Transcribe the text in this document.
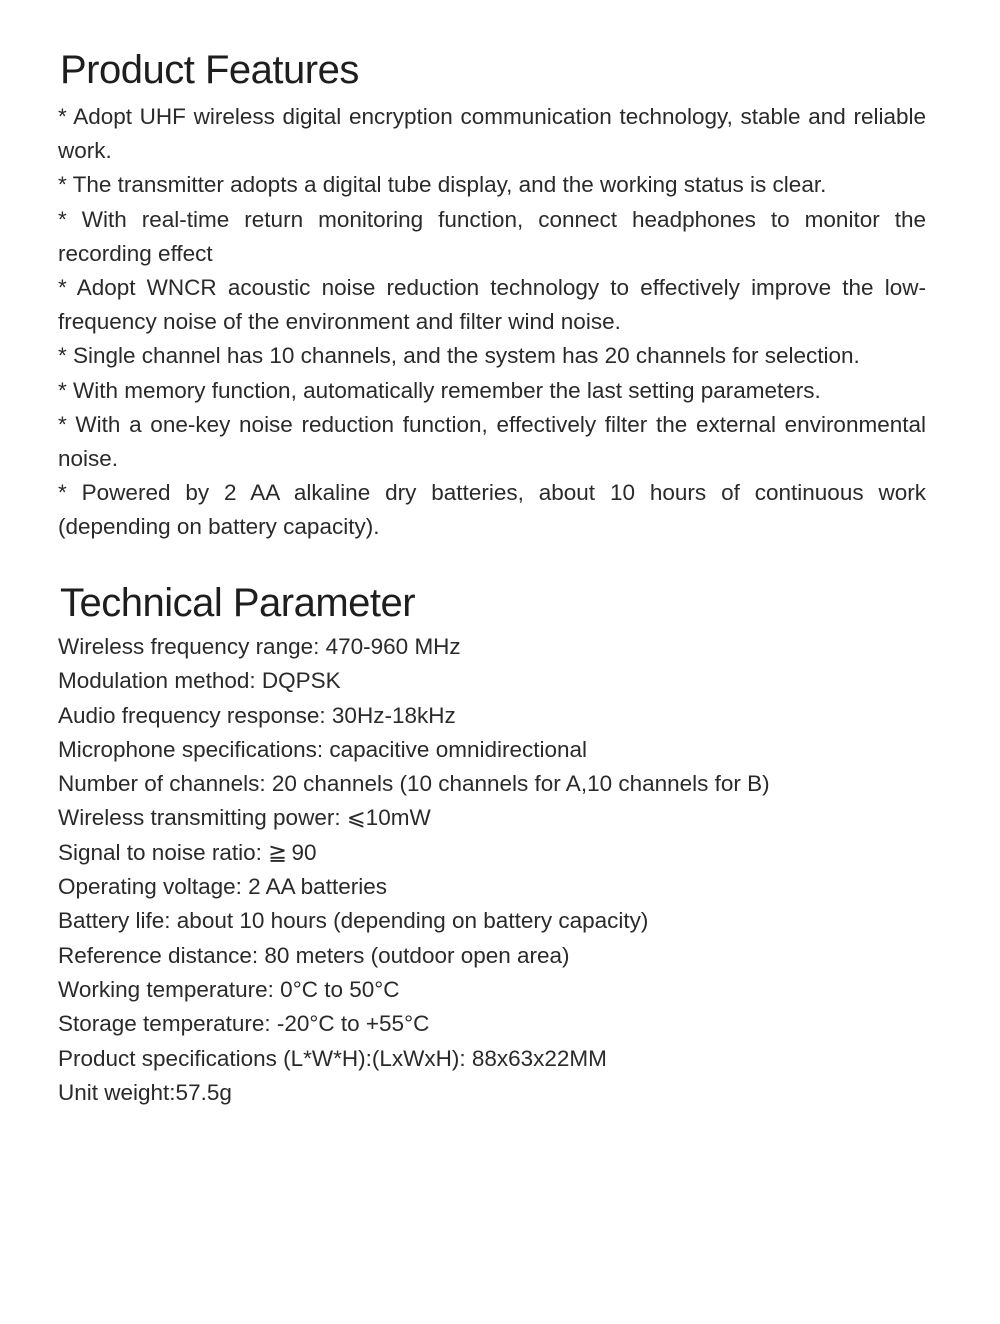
Product Features
* Adopt UHF wireless digital encryption communication technology, stable and reliable work.
* The transmitter adopts a digital tube display, and the working status is clear.
* With real-time return monitoring function, connect headphones to monitor the recording effect
* Adopt WNCR acoustic noise reduction technology to effectively improve the low-frequency noise of the environment and filter wind noise.
* Single channel has 10 channels, and the system has 20 channels for selection.
* With memory function, automatically remember the last setting parameters.
* With a one-key noise reduction function, effectively filter the external environmental noise.
* Powered by 2 AA alkaline dry batteries, about 10 hours of continuous work (depending on battery capacity).
Technical Parameter
Wireless frequency range: 470-960 MHz
Modulation method: DQPSK
Audio frequency response: 30Hz-18kHz
Microphone specifications: capacitive omnidirectional
Number of channels: 20 channels (10 channels for A,10 channels for B)
Wireless transmitting power: ⩽10mW
Signal to noise ratio: ≧ 90
Operating voltage: 2 AA batteries
Battery life: about 10 hours (depending on battery capacity)
Reference distance: 80 meters (outdoor open area)
Working temperature: 0°C to 50°C
Storage temperature: -20°C to +55°C
Product specifications (L*W*H):(LxWxH): 88x63x22MM
Unit weight:57.5g
